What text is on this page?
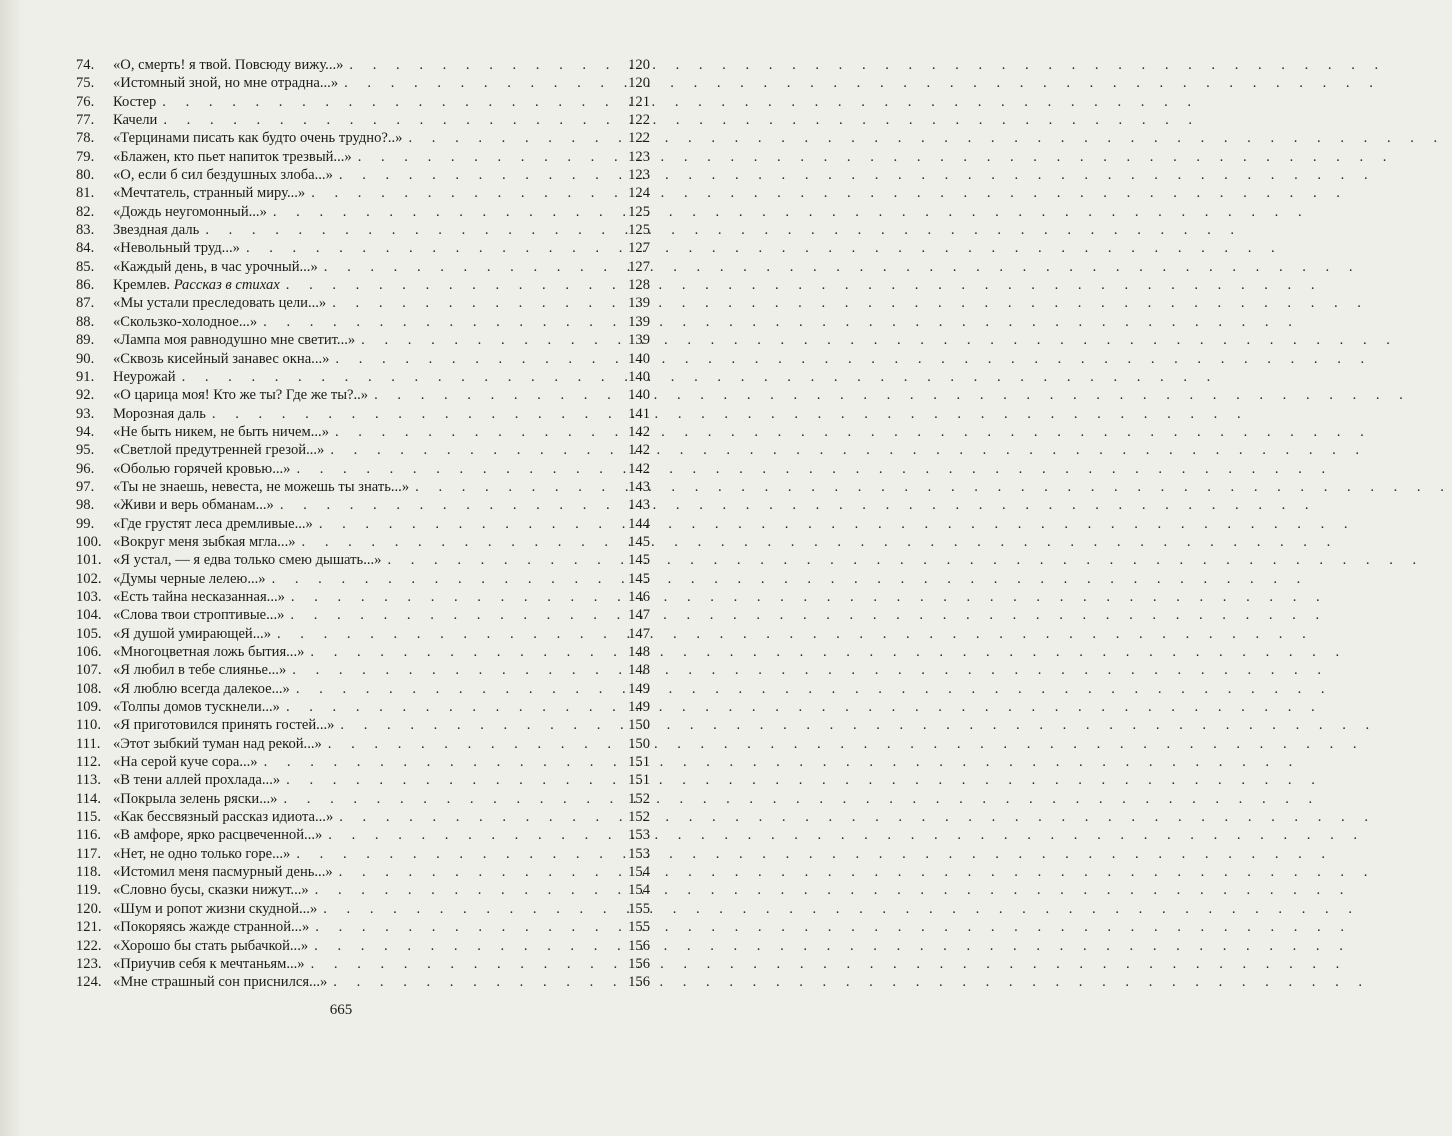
74.	«О, смерть! я твой. Повсюду вижу...» . . .	120
75.	«Истомный зной, но мне отрадна...» . . .	120
76.	Костер . . .	121
77.	Качели . . .	122
78.	«Терцинами писать как будто очень трудно?..» . . .	122
79.	«Блажен, кто пьет напиток трезвый...» . . .	123
80.	«О, если б сил бездушных злоба...» . . .	123
81.	«Мечтатель, странный миру...» . . .	124
82.	«Дождь неугомонный...» . . .	125
83.	Звездная даль . . .	125
84.	«Невольный труд...» . . .	127
85.	«Каждый день, в час урочный...» . . .	127
86.	Кремлев. Рассказ в стихах . . .	128
87.	«Мы устали преследовать цели...» . . .	139
88.	«Скользко-холодное...» . . .	139
89.	«Лампа моя равнодушно мне светит...» . . .	139
90.	«Сквозь кисейный занавес окна...» . . .	140
91.	Неурожай . . .	140
92.	«О царица моя! Кто же ты? Где же ты?..» . . .	140
93.	Морозная даль . . .	141
94.	«Не быть никем, не быть ничем...» . . .	142
95.	«Светлой предутренней грезой...» . . .	142
96.	«Оболью горячей кровью...» . . .	142
97.	«Ты не знаешь, невеста, не можешь ты знать...» . . .	143
98.	«Живи и верь обманам...» . . .	143
99.	«Где грустят леса дремливые...» . . .	144
100. «Вокруг меня зыбкая мгла...» . . .	145
101. «Я устал, — я едва только смею дышать...» . . .	145
102. «Думы черные лелею...» . . .	145
103. «Есть тайна несказанная...» . . .	146
104. «Слова твои строптивые...» . . .	147
105. «Я душой умирающей...» . . .	147
106. «Многоцветная ложь бытия...» . . .	148
107. «Я любил в тебе слиянье...» . . .	148
108. «Я люблю всегда далекое...» . . .	149
109. «Толпы домов тускнели...» . . .	149
110. «Я приготовился принять гостей...» . . .	150
111. «Этот зыбкий туман над рекой...» . . .	150
112. «На серой куче сора...» . . .	151
113. «В тени аллей прохлада...» . . .	151
114. «Покрыла зелень ряски...» . . .	152
115. «Как бессвязный рассказ идиота...» . . .	152
116. «В амфоре, ярко расцвеченной...» . . .	153
117. «Нет, не одно только горе...» . . .	153
118. «Истомил меня пасмурный день...» . . .	154
119. «Словно бусы, сказки нижут...» . . .	154
120. «Шум и ропот жизни скудной...» . . .	155
121. «Покоряясь жажде странной...» . . .	155
122. «Хорошо бы стать рыбачкой...» . . .	156
123. «Приучив себя к мечтаньям...» . . .	156
124. «Мне страшный сон приснился...» . . .	156
665
